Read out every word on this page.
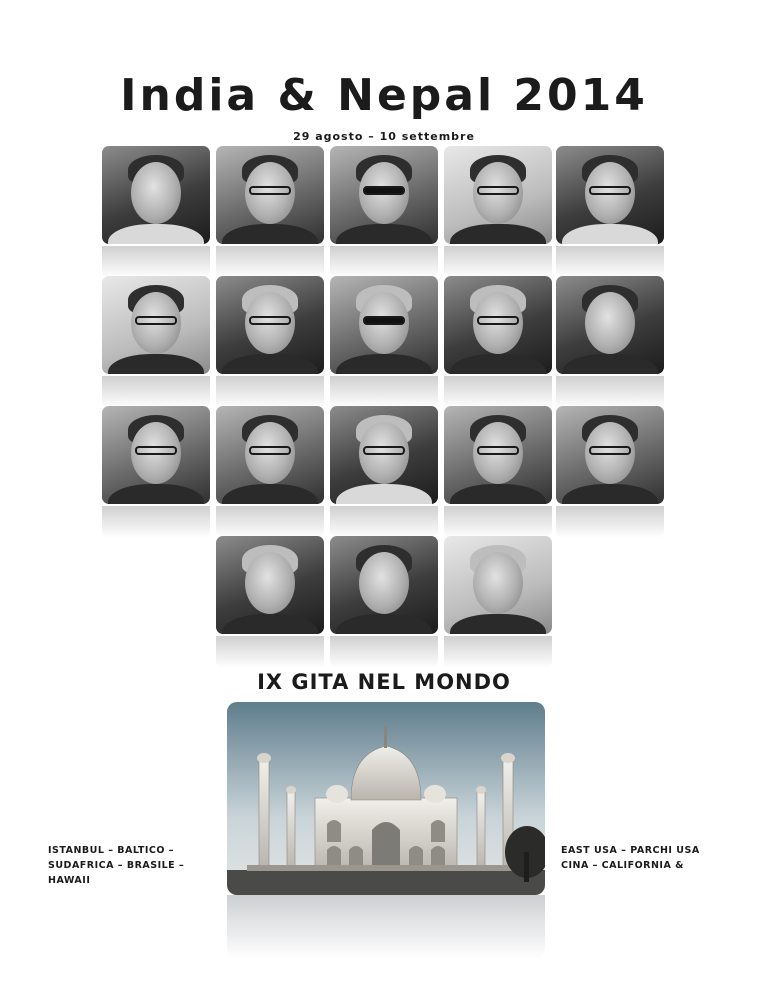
India & Nepal 2014
29 agosto – 10 settembre
IX GITA NEL MONDO
ISTANBUL – BALTICO –
SUDAFRICA – BRASILE –
HAWAII
EAST USA – PARCHI USA
CINA – CALIFORNIA &
